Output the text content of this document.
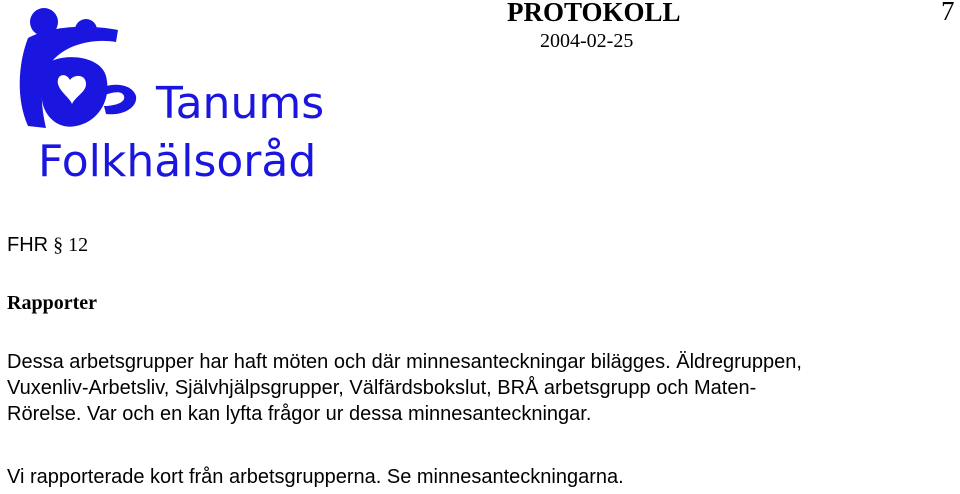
Tanums
Folkhälsoråd
PROTOKOLL
2004-02-25
7
FHR § 12
Rapporter
Dessa arbetsgrupper har haft möten och där minnesanteckningar bilägges. Äldregruppen,
Vuxenliv-Arbetsliv, Självhjälpsgrupper, Välfärdsbokslut, BRÅ arbetsgrupp och Maten-
Rörelse. Var och en kan lyfta frågor ur dessa minnesanteckningar.
Vi rapporterade kort från arbetsgrupperna. Se minnesanteckningarna.
